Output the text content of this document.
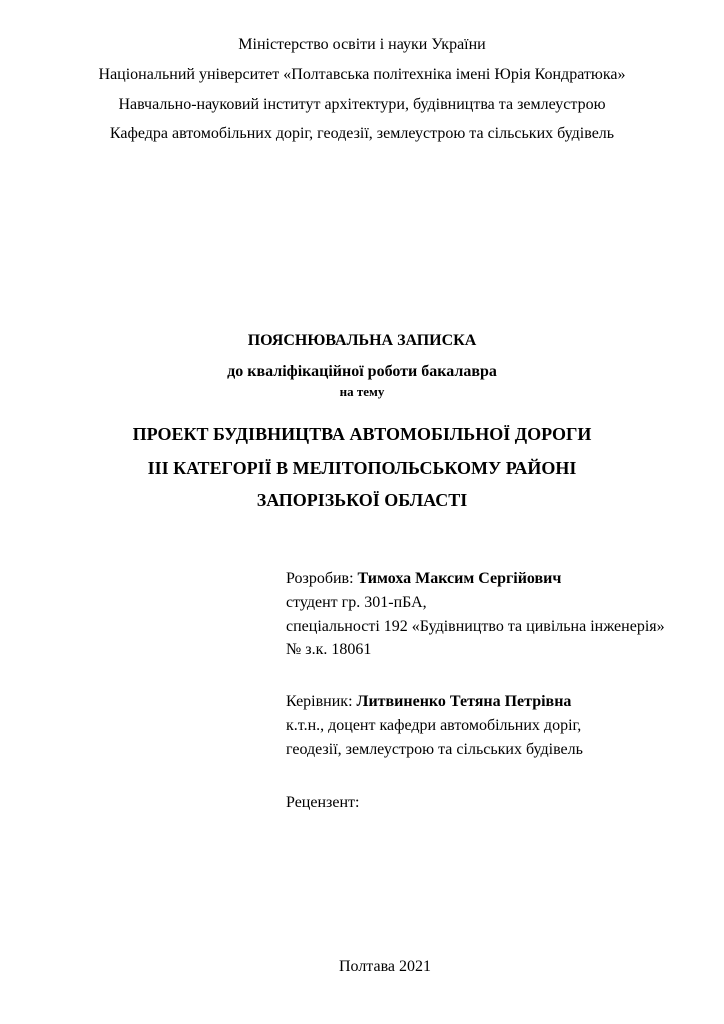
Міністерство освіти і науки України
Національний університет «Полтавська політехніка імені Юрія Кондратюка»
Навчально-науковий інститут архітектури, будівництва та землеустрою
Кафедра автомобільних доріг, геодезії, землеустрою та сільських будівель
ПОЯСНЮВАЛЬНА ЗАПИСКА
до кваліфікаційної роботи бакалавра
на тему
ПРОЕКТ БУДІВНИЦТВА АВТОМОБІЛЬНОЇ ДОРОГИ
ІІІ КАТЕГОРІЇ В МЕЛІТОПОЛЬСЬКОМУ РАЙОНІ
ЗАПОРІЗЬКОЇ ОБЛАСТІ
Розробив: Тимоха Максим Сергійович
студент гр. 301-пБА,
спеціальності 192 «Будівництво та цивільна інженерія»
№ з.к. 18061
Керівник: Литвиненко Тетяна Петрівна
к.т.н., доцент кафедри автомобільних доріг,
геодезії, землеустрою та сільських будівель
Рецензент:
Полтава 2021
